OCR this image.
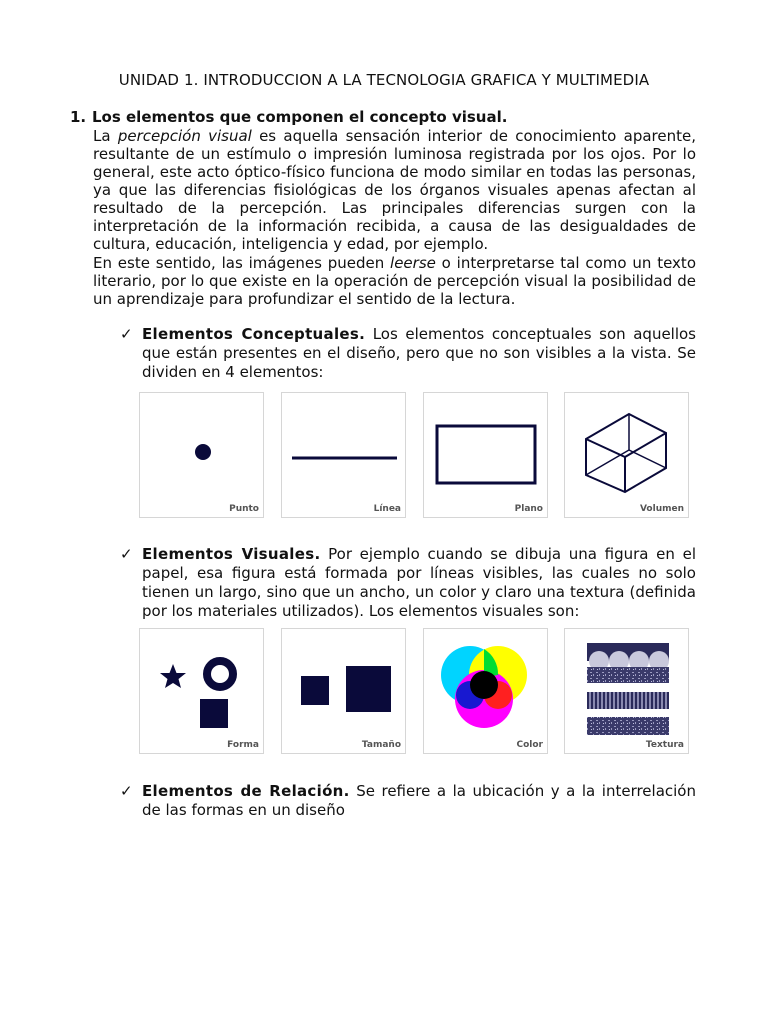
UNIDAD 1. INTRODUCCION A LA TECNOLOGIA GRAFICA Y MULTIMEDIA
1. Los elementos que componen el concepto visual.
La percepción visual es aquella sensación interior de conocimiento aparente, resultante de un estímulo o impresión luminosa registrada por los ojos. Por lo general, este acto óptico-físico funciona de modo similar en todas las personas, ya que las diferencias fisiológicas de los órganos visuales apenas afectan al resultado de la percepción. Las principales diferencias surgen con la interpretación de la información recibida, a causa de las desigualdades de cultura, educación, inteligencia y edad, por ejemplo.
En este sentido, las imágenes pueden leerse o interpretarse tal como un texto literario, por lo que existe en la operación de percepción visual la posibilidad de un aprendizaje para profundizar el sentido de la lectura.
✓ Elementos Conceptuales. Los elementos conceptuales son aquellos que están presentes en el diseño, pero que no son visibles a la vista. Se dividen en 4 elementos:
Punto	Línea	Plano	Volumen
✓ Elementos Visuales. Por ejemplo cuando se dibuja una figura en el papel, esa figura está formada por líneas visibles, las cuales no solo tienen un largo, sino que un ancho, un color y claro una textura (definida por los materiales utilizados). Los elementos visuales son:
Forma	Tamaño	Color	Textura
✓ Elementos de Relación. Se refiere a la ubicación y a la interrelación de las formas en un diseño
